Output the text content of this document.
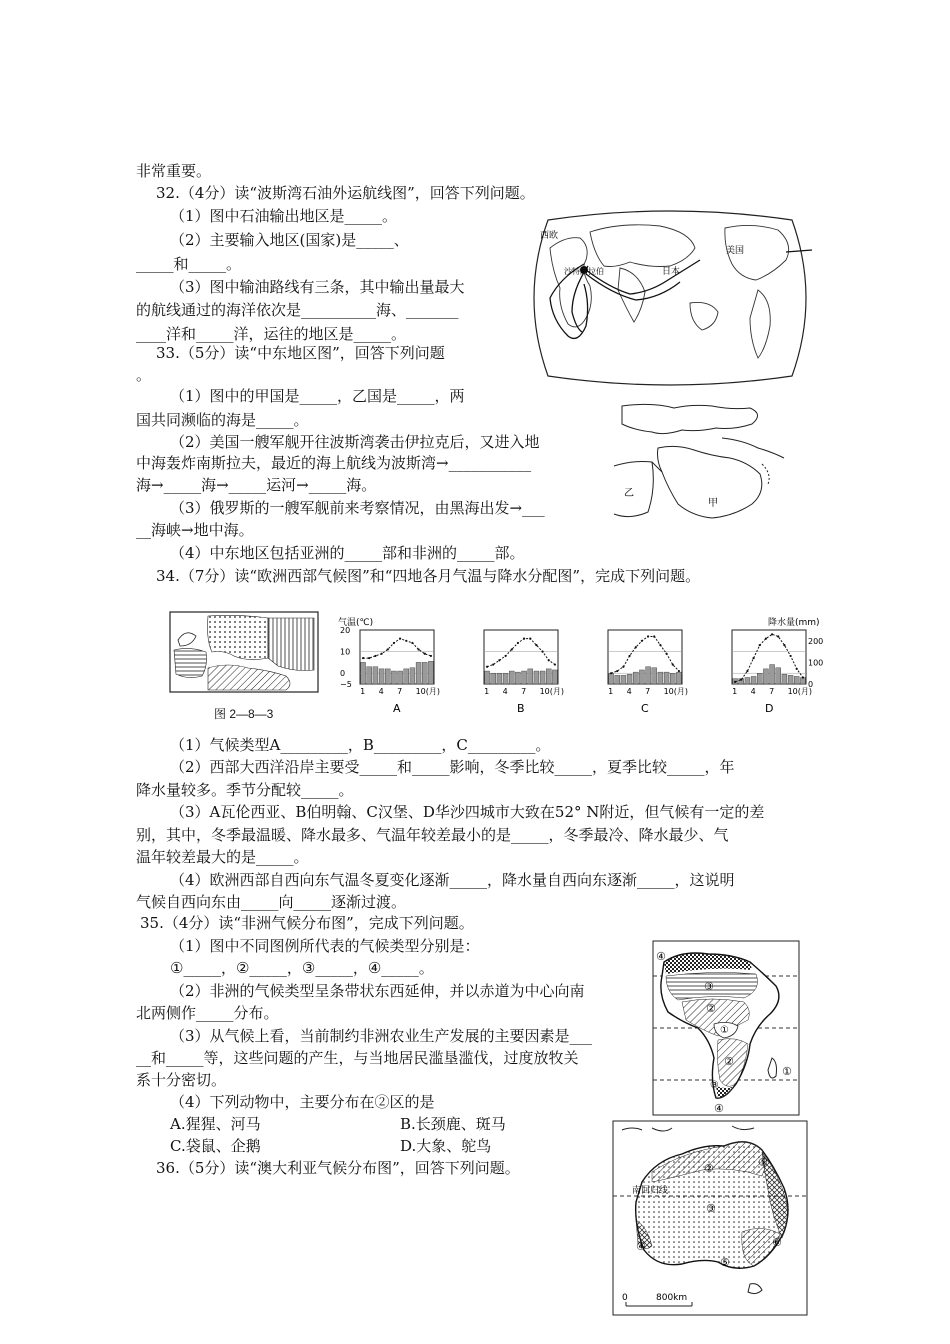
非常重要。
32.（4分）读“波斯湾石油外运航线图”，回答下列问题。
（1）图中石油输出地区是_____。
（2）主要输入地区(国家)是_____、
_____和_____。
（3）图中输油路线有三条，其中输出量最大
的航线通过的海洋依次是__________海、_______
____洋和_____洋，运往的地区是_____。
33.（5分）读“中东地区图”，回答下列问题
。
（1）图中的甲国是_____，乙国是_____，两
国共同濒临的海是_____。
（2）美国一艘军舰开往波斯湾袭击伊拉克后，又进入地
中海轰炸南斯拉夫，最近的海上航线为波斯湾→___________
海→_____海→_____运河→_____海。
（3）俄罗斯的一艘军舰前来考察情况，由黑海出发→___
__海峡→地中海。
（4）中东地区包括亚洲的_____部和非洲的_____部。
34.（7分）读“欧洲西部气候图”和“四地各月气温与降水分配图”，完成下列问题。
（1）气候类型A_________，B_________，C_________。
（2）西部大西洋沿岸主要受_____和_____影响，冬季比较_____，夏季比较_____，年
降水量较多。季节分配较_____。
（3）A瓦伦西亚、B伯明翰、C汉堡、D华沙四城市大致在52° N附近，但气候有一定的差
别，其中，冬季最温暖、降水最多、气温年较差最小的是_____，冬季最冷、降水最少、气
温年较差最大的是_____。
（4）欧洲西部自西向东气温冬夏变化逐渐_____，降水量自西向东逐渐_____，这说明
气候自西向东由_____向_____逐渐过渡。
35.（4分）读“非洲气候分布图”，完成下列问题。
（1）图中不同图例所代表的气候类型分别是：
①_____，②_____，③_____，④_____。
（2）非洲的气候类型呈条带状东西延伸，并以赤道为中心向南
北两侧作_____分布。
（3）从气候上看，当前制约非洲农业生产发展的主要因素是___
__和_____等，这些问题的产生，与当地居民滥垦滥伐，过度放牧关
系十分密切。
（4）下列动物中，主要分布在②区的是
A.猩猩、河马	B.长颈鹿、斑马
C.袋鼠、企鹅	D.大象、鸵鸟
36.（5分）读“澳大利亚气候分布图”，回答下列问题。
西欧
沙特阿拉伯	日本
美国
乙
甲
图 2—8—3
气温(℃)	降水量(mm)
20
10
0
−5
200
100
0
1 4 7 10(月)
A
1 4 7 10(月)
B
1 4 7 10(月)
C
1 4 7 10(月)
D
④
③
②
①
②
①
③
④
②	①
③
④
⑤
⑥
南回归线
0	800km
